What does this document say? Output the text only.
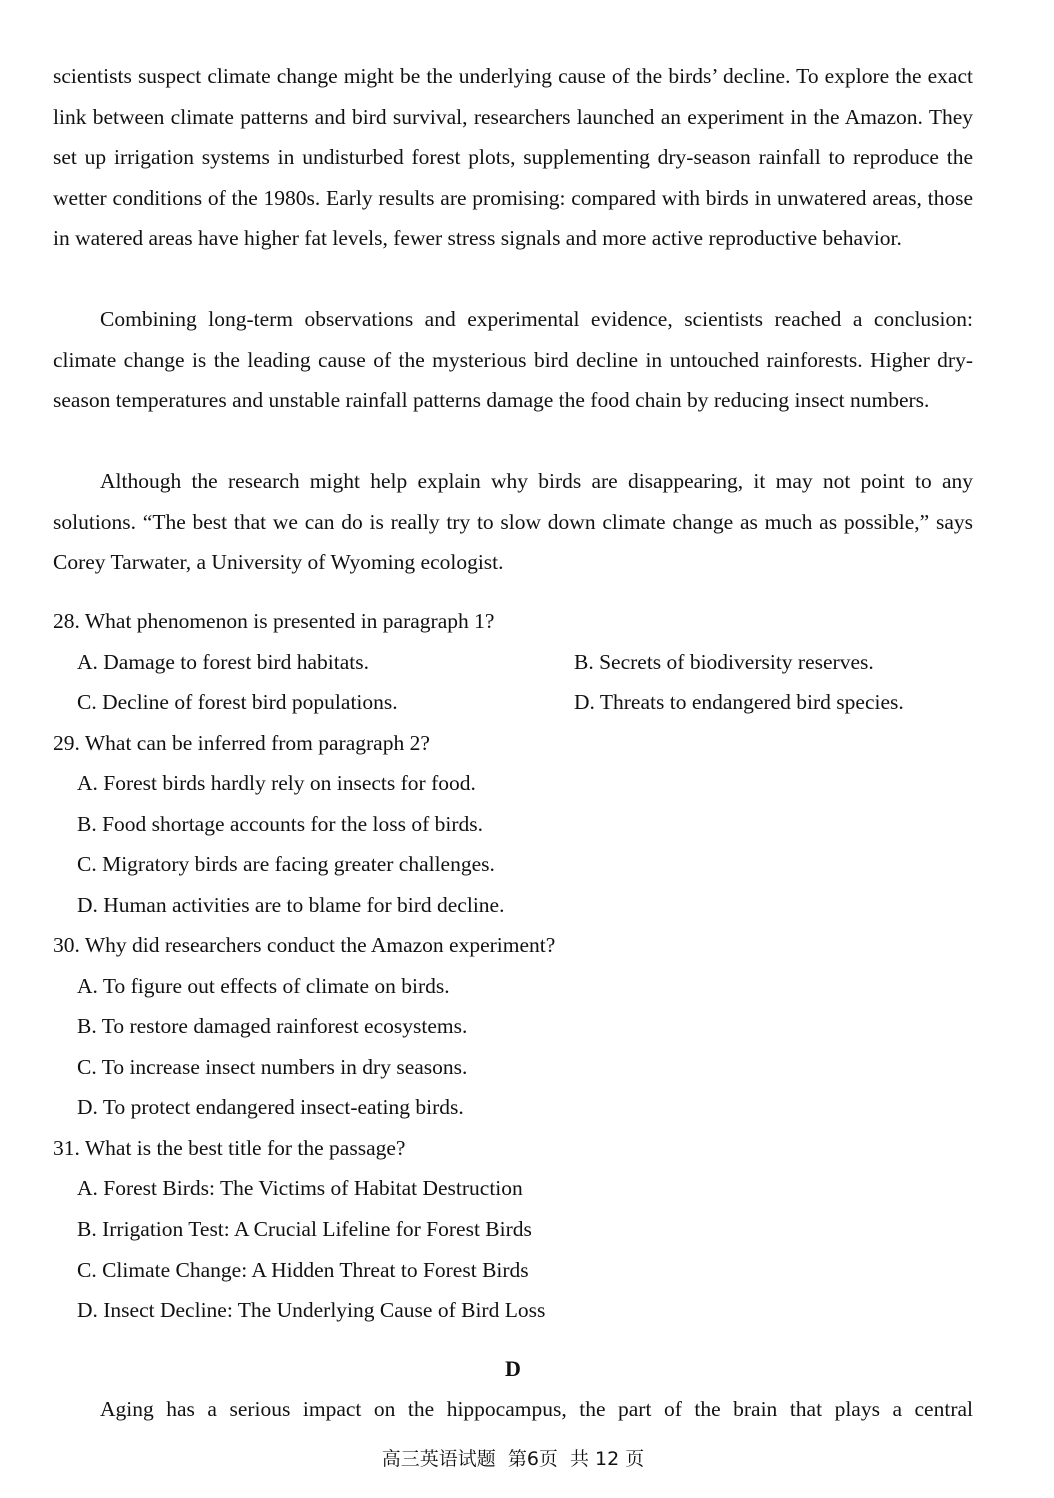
scientists suspect climate change might be the underlying cause of the birds’ decline. To explore the exact link between climate patterns and bird survival, researchers launched an experiment in the Amazon. They set up irrigation systems in undisturbed forest plots, supplementing dry-season rainfall to reproduce the wetter conditions of the 1980s. Early results are promising: compared with birds in unwatered areas, those in watered areas have higher fat levels, fewer stress signals and more active reproductive behavior.

Combining long-term observations and experimental evidence, scientists reached a conclusion: climate change is the leading cause of the mysterious bird decline in untouched rainforests. Higher dry-season temperatures and unstable rainfall patterns damage the food chain by reducing insect numbers.

Although the research might help explain why birds are disappearing, it may not point to any solutions. “The best that we can do is really try to slow down climate change as much as possible,” says Corey Tarwater, a University of Wyoming ecologist.

28. What phenomenon is presented in paragraph 1?

A. Damage to forest bird habitats.	B. Secrets of biodiversity reserves.

C. Decline of forest bird populations.	D. Threats to endangered bird species.

29. What can be inferred from paragraph 2?

A. Forest birds hardly rely on insects for food.

B. Food shortage accounts for the loss of birds.

C. Migratory birds are facing greater challenges.

D. Human activities are to blame for bird decline.

30. Why did researchers conduct the Amazon experiment?

A. To figure out effects of climate on birds.

B. To restore damaged rainforest ecosystems.

C. To increase insect numbers in dry seasons.

D. To protect endangered insect-eating birds.

31. What is the best title for the passage?

A. Forest Birds: The Victims of Habitat Destruction

B. Irrigation Test: A Crucial Lifeline for Forest Birds

C. Climate Change: A Hidden Threat to Forest Birds

D. Insect Decline: The Underlying Cause of Bird Loss

D

Aging has a serious impact on the hippocampus, the part of the brain that plays a central

高三英语试题  第6页  共 12 页
